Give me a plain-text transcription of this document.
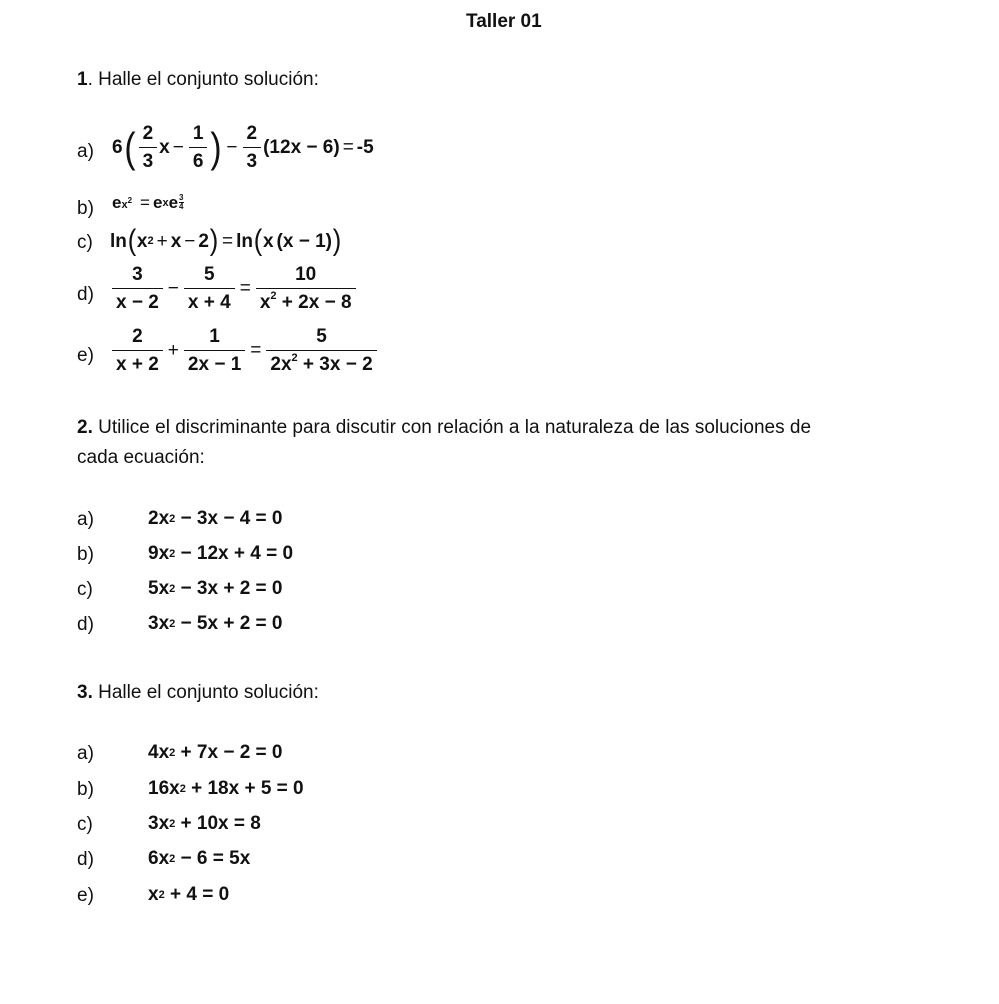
Taller 01
1. Halle el conjunto solución:
a) 6 ( $\frac{2}{3}$ $x - \frac{1}{6}$ ) − $\frac{2}{3} (12x - 6) = -5$
b) e $x^2 = e$ x e $\frac{3}{4}$
c) ln ( x 2 + x − 2 ) = ln ( x ( x − 1 ) )
$d) \frac{3}{x - 2} - \frac{5}{x + 4} = \frac{10}{x^2 + 2x - 8}$
$e) \frac{2}{x + 2} + \frac{1}{2x - 1} = \frac{5}{2x^2 + 3x - 2}$
2. Utilice el discriminante para discutir con relación a la naturaleza de las soluciones de
cada ecuación:
a)	2x 2 − 3x − 4 = 0
b)	9x 2 − 12x + 4 = 0
c)	5x 2 − 3x + 2 = 0
d)	3x 2 − 5x + 2 = 0
3. Halle el conjunto solución:
a)	4x 2 + 7x − 2 = 0
b)	16x 2 + 18x + 5 = 0
c)	3x 2 + 10x = 8
d)	6x 2 − 6 = 5x
e)	x 2 + 4 = 0
